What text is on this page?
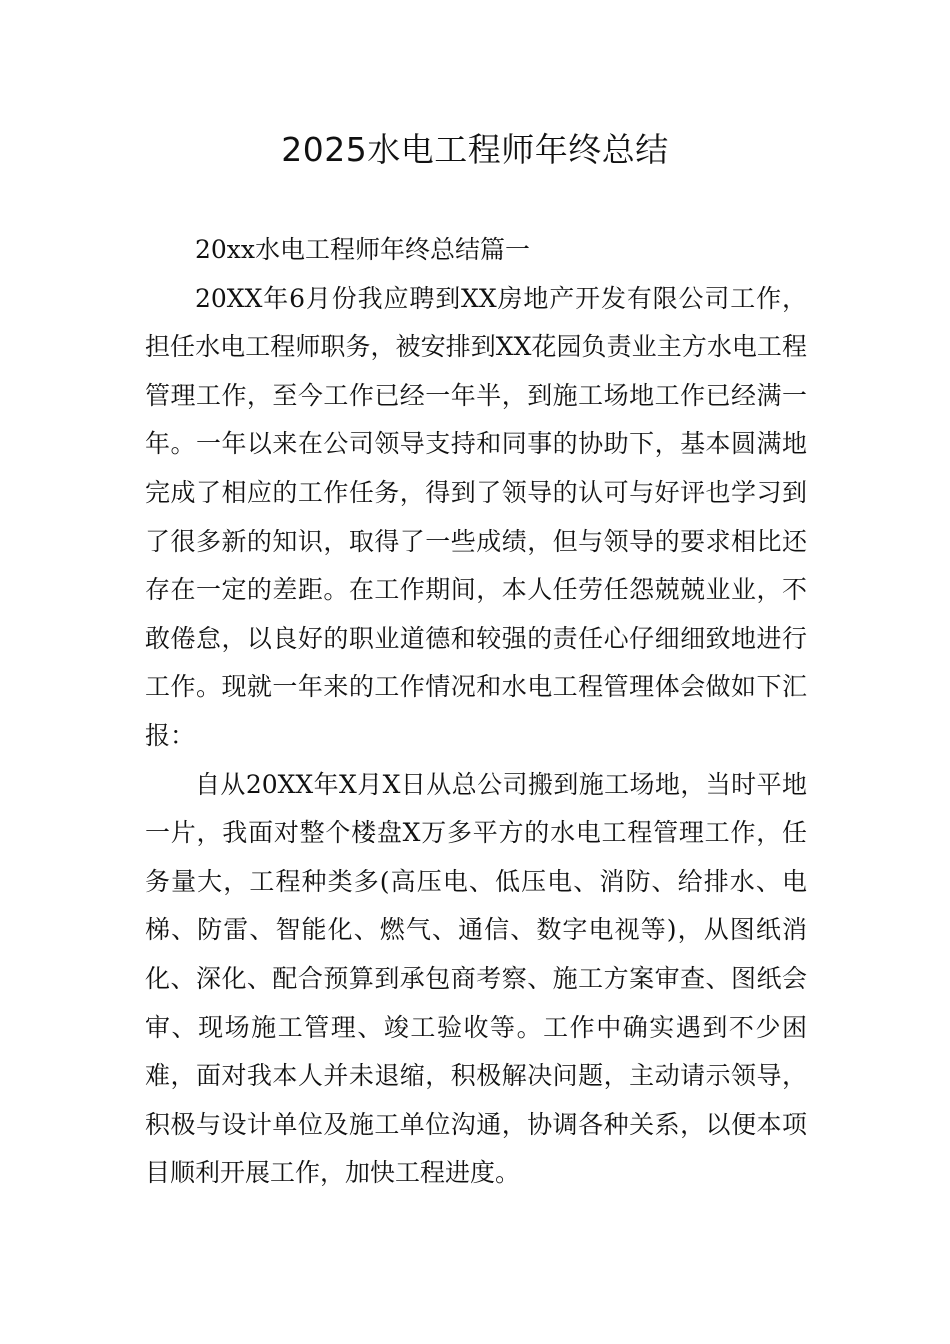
2025水电工程师年终总结

20xx水电工程师年终总结篇一

20XX年6月份我应聘到XX房地产开发有限公司工作，担任水电工程师职务，被安排到XX花园负责业主方水电工程管理工作，至今工作已经一年半，到施工场地工作已经满一年。一年以来在公司领导支持和同事的协助下，基本圆满地完成了相应的工作任务，得到了领导的认可与好评也学习到了很多新的知识，取得了一些成绩，但与领导的要求相比还存在一定的差距。在工作期间，本人任劳任怨兢兢业业，不敢倦怠，以良好的职业道德和较强的责任心仔细细致地进行工作。现就一年来的工作情况和水电工程管理体会做如下汇报：

自从20XX年X月X日从总公司搬到施工场地，当时平地一片，我面对整个楼盘X万多平方的水电工程管理工作，任务量大，工程种类多(高压电、低压电、消防、给排水、电梯、防雷、智能化、燃气、通信、数字电视等)，从图纸消化、深化、配合预算到承包商考察、施工方案审查、图纸会审、现场施工管理、竣工验收等。工作中确实遇到不少困难，面对我本人并未退缩，积极解决问题，主动请示领导，积极与设计单位及施工单位沟通，协调各种关系，以便本项目顺利开展工作，加快工程进度。
